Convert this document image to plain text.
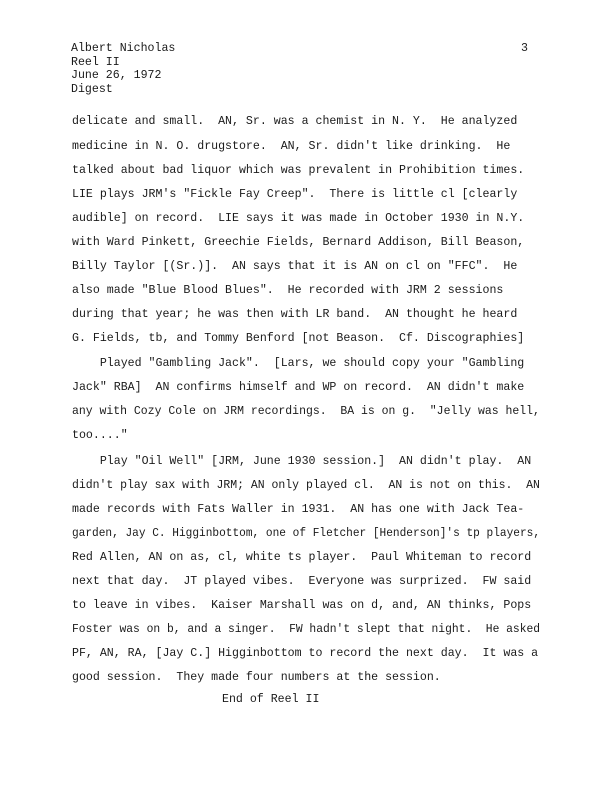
Albert Nicholas
Reel II
June 26, 1972
Digest
3
delicate and small.  AN, Sr. was a chemist in N. Y.  He analyzed
medicine in N. O. drugstore.  AN, Sr. didn't like drinking.  He
talked about bad liquor which was prevalent in Prohibition times.
LIE plays JRM's "Fickle Fay Creep".  There is little cl [clearly
audible] on record.  LIE says it was made in October 1930 in N.Y.
with Ward Pinkett, Greechie Fields, Bernard Addison, Bill Beason,
Billy Taylor [(Sr.)].  AN says that it is AN on cl on "FFC".  He
also made "Blue Blood Blues".  He recorded with JRM 2 sessions
during that year; he was then with LR band.  AN thought he heard
G. Fields, tb, and Tommy Benford [not Beason.  Cf. Discographies]
Played "Gambling Jack".  [Lars, we should copy your "Gambling
Jack" RBA]  AN confirms himself and WP on record.  AN didn't make
any with Cozy Cole on JRM recordings.  BA is on g.  "Jelly was hell,
too...."
Play "Oil Well" [JRM, June 1930 session.]  AN didn't play.  AN
didn't play sax with JRM; AN only played cl.  AN is not on this.  AN
made records with Fats Waller in 1931.  AN has one with Jack Tea-
garden, Jay C. Higginbottom, one of Fletcher [Henderson]'s tp players,
Red Allen, AN on as, cl, white ts player.  Paul Whiteman to record
next that day.  JT played vibes.  Everyone was surprized.  FW said
to leave in vibes.  Kaiser Marshall was on d, and, AN thinks, Pops
Foster was on b, and a singer.  FW hadn't slept that night.  He asked
PF, AN, RA, [Jay C.] Higginbottom to record the next day.  It was a
good session.  They made four numbers at the session.
End of Reel II
